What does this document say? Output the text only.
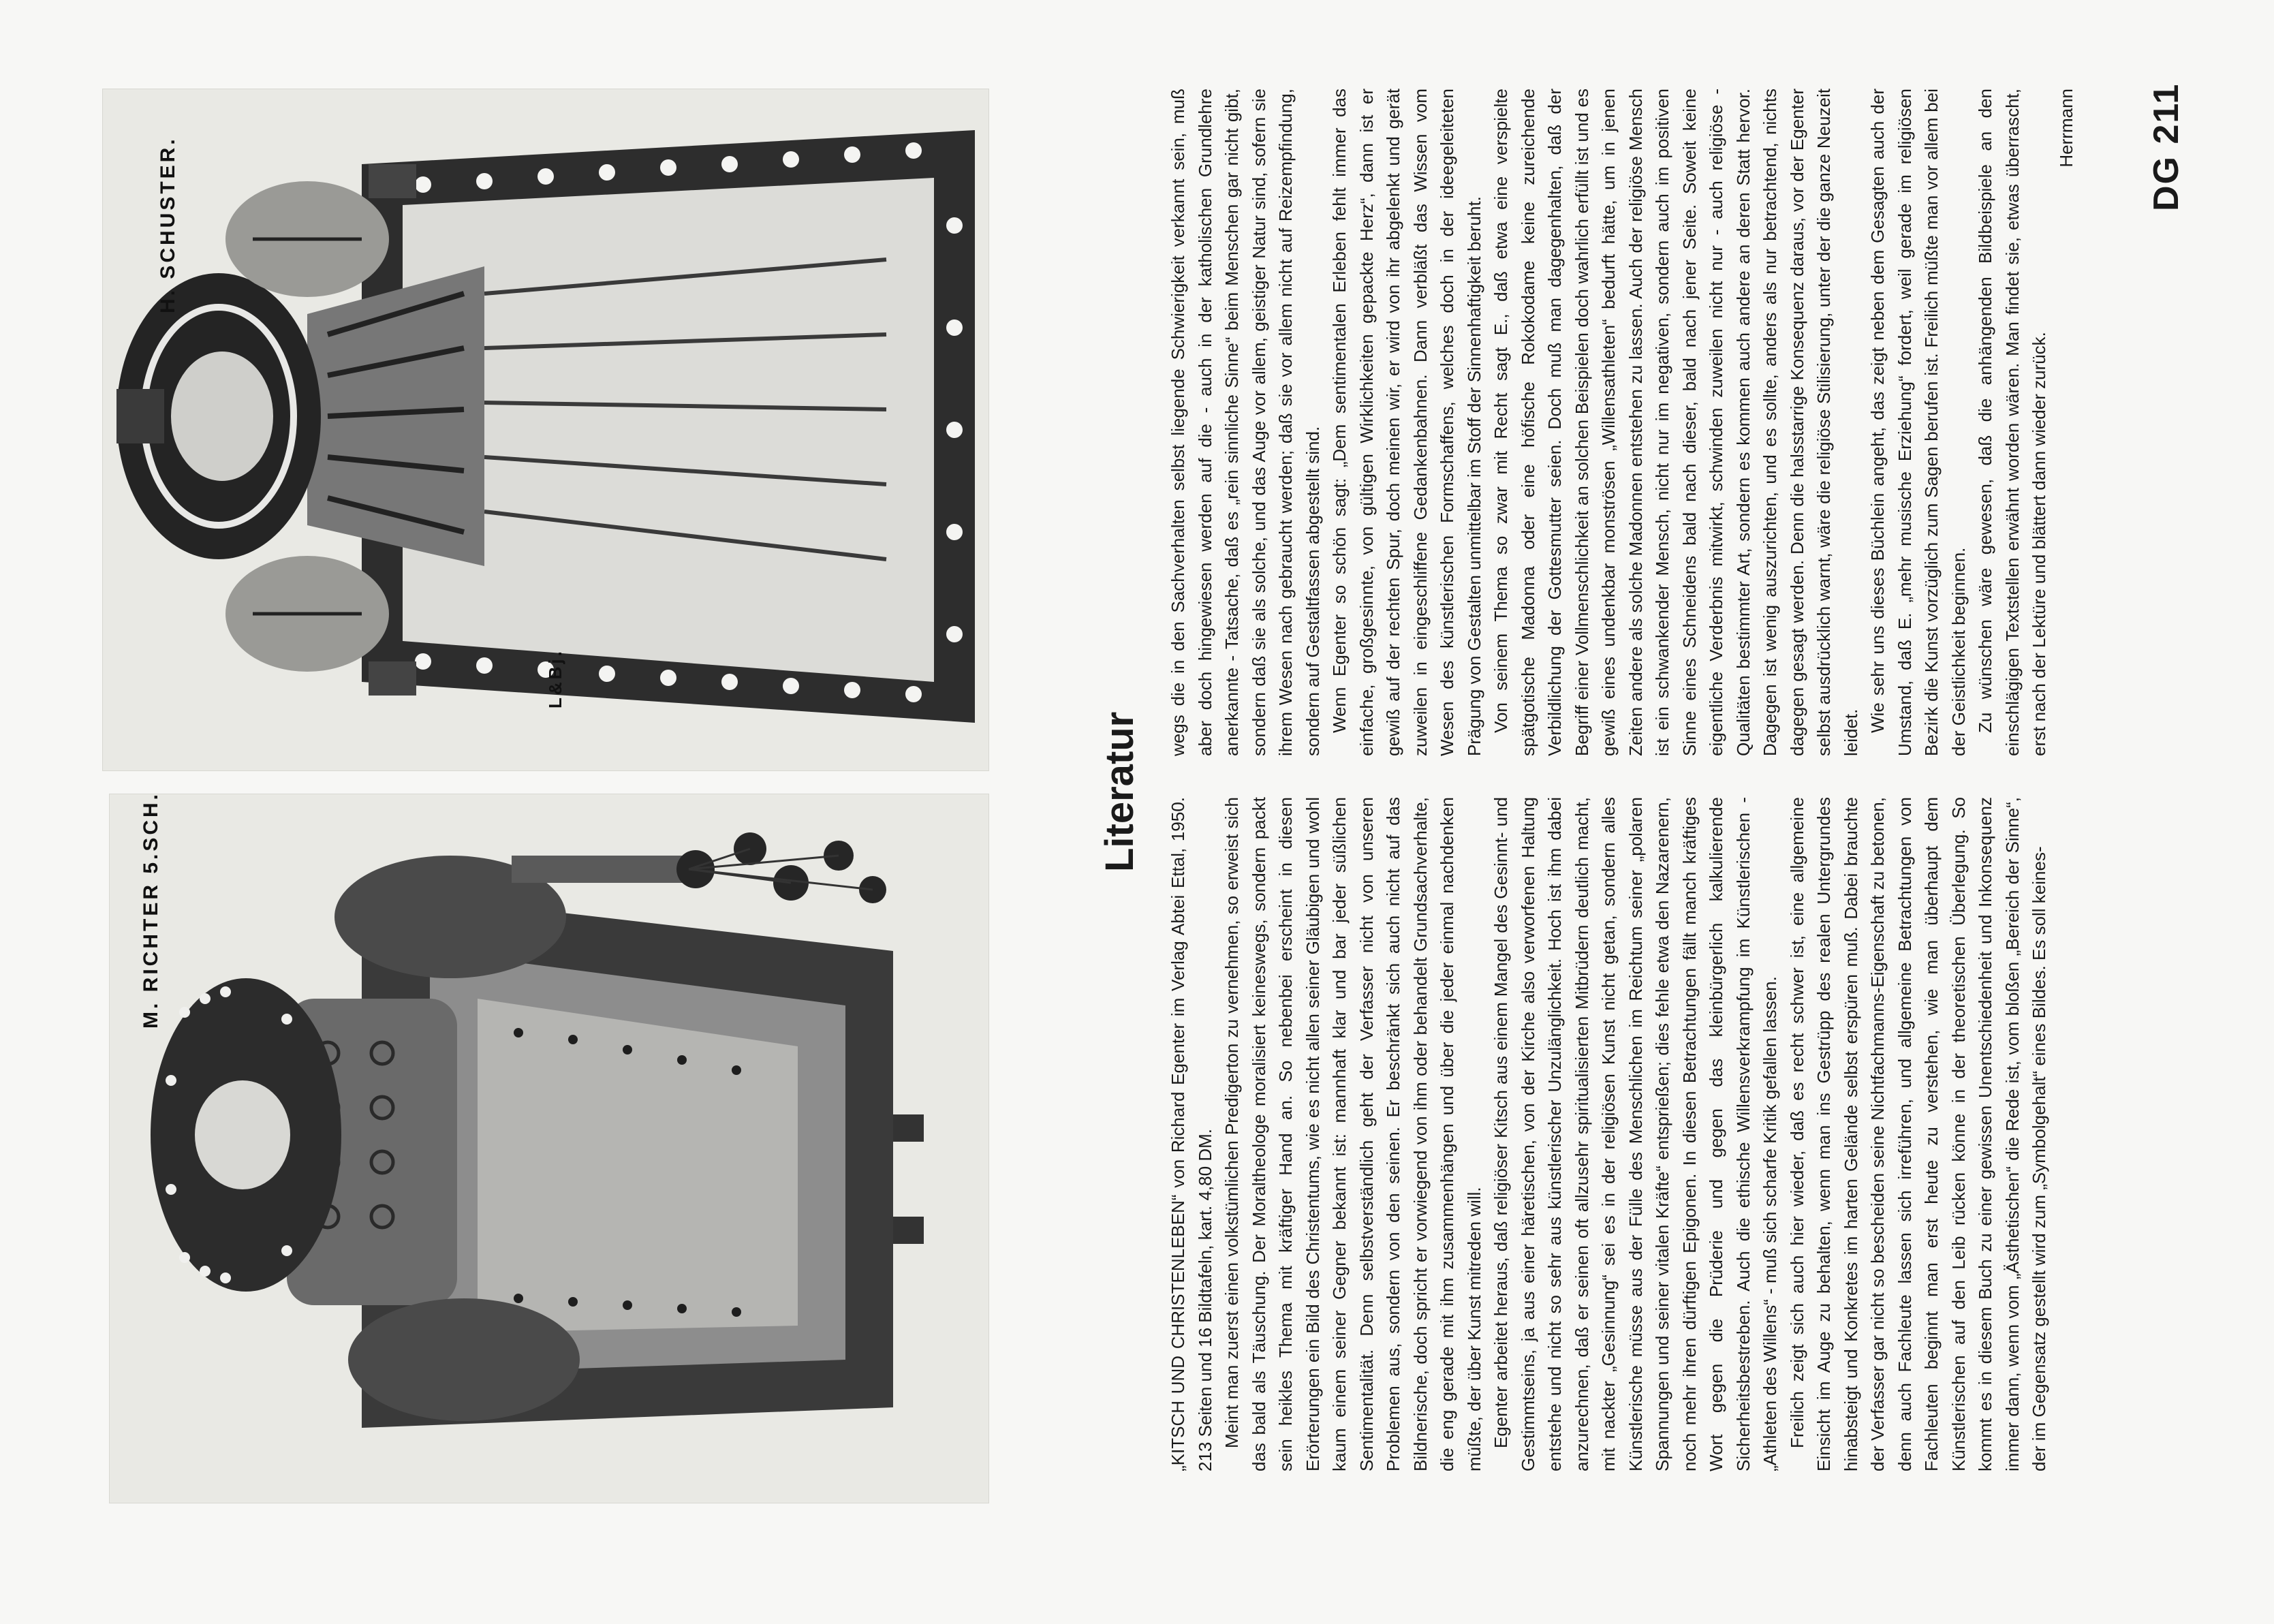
M. RICHTER 5.SCH.
H. SCHUSTER.
L&Bj.
Literatur

„KITSCH UND CHRISTENLEBEN“ von Richard Egenter im Verlag Abtei Ettal, 1950. 213 Seiten und 16 Bildtafeln, kart. 4,80 DM. Meint man zuerst einen volkstümlichen Predigerton zu vernehmen, so erweist sich das bald als Täuschung. Der Moraltheologe moralisiert keineswegs, sondern packt sein heikles Thema mit kräftiger Hand an. So nebenbei erscheint in diesen Erörterungen ein Bild des Christentums, wie es nicht allen seiner Gläubigen und wohl kaum einem seiner Gegner bekannt ist: mannhaft klar und bar jeder süßlichen Sentimentalität. Denn selbstverständlich geht der Verfasser nicht von unseren Problemen aus, sondern von den seinen. Er beschränkt sich auch nicht auf das Bildnerische, doch spricht er vorwiegend von ihm oder behandelt Grundsachverhalte, die eng gerade mit ihm zusammenhängen und über die jeder einmal nachdenken müßte, der über Kunst mitreden will. Egenter arbeitet heraus, daß religiöser Kitsch aus einem Mangel des Gesinnt- und Gestimmtseins, ja aus einer häretischen, von der Kirche also verworfenen Haltung entstehe und nicht so sehr aus künstlerischer Unzulänglichkeit. Hoch ist ihm dabei anzurechnen, daß er seinen oft allzusehr spiritualisierten Mitbrüdern deutlich macht, mit nackter „Gesinnung“ sei es in der religiösen Kunst nicht getan, sondern alles Künstlerische müsse aus der Fülle des Menschlichen im Reichtum seiner „polaren Spannungen und seiner vitalen Kräfte“ entsprießen; dies fehle etwa den Nazarenern, noch mehr ihren dürftigen Epigonen. In diesen Betrachtungen fällt manch kräftiges Wort gegen die Prüderie und gegen das kleinbürgerlich kalkulierende Sicherheitsbestreben. Auch die ethische Willensverkrampfung im Künstlerischen - „Athleten des Willens“ - muß sich scharfe Kritik gefallen lassen. Freilich zeigt sich auch hier wieder, daß es recht schwer ist, eine allgemeine Einsicht im Auge zu behalten, wenn man ins Gestrüpp des realen Untergrundes hinabsteigt und Konkretes im harten Gelände selbst erspüren muß. Dabei brauchte der Verfasser gar nicht so bescheiden seine Nichtfachmanns-Eigenschaft zu betonen, denn auch Fachleute lassen sich irreführen, und allgemeine Betrachtungen von Fachleuten beginnt man erst heute zu verstehen, wie man überhaupt dem Künstlerischen auf den Leib rücken könne in der theoretischen Überlegung. So kommt es in diesem Buch zu einer gewissen Unentschiedenheit und Inkonsequenz immer dann, wenn vom „Ästhetischen“ die Rede ist, vom bloßen „Bereich der Sinne“, der im Gegensatz gestellt wird zum „Symbolgehalt“ eines Bildes. Es soll keines-

wegs die in den Sachverhalten selbst liegende Schwierigkeit verkannt sein, muß aber doch hingewiesen werden auf die - auch in der katholischen Grundlehre anerkannte - Tatsache, daß es „rein sinnliche Sinne“ beim Menschen gar nicht gibt, sondern daß sie als solche, und das Auge vor allem, geistiger Natur sind, sofern sie ihrem Wesen nach gebraucht werden; daß sie vor allem nicht auf Reizempfindung, sondern auf Gestaltfassen abgestellt sind. Wenn Egenter so schön sagt: „Dem sentimentalen Erleben fehlt immer das einfache, großgesinnte, von gültigen Wirklichkeiten gepackte Herz“, dann ist er gewiß auf der rechten Spur, doch meinen wir, er wird von ihr abgelenkt und gerät zuweilen in eingeschliffene Gedankenbahnen. Dann verbläßt das Wissen vom Wesen des künstlerischen Formschaffens, welches doch in der ideegeleiteten Prägung von Gestalten unmittelbar im Stoff der Sinnenhaftigkeit beruht. Von seinem Thema so zwar mit Recht sagt E., daß etwa eine verspielte spätgotische Madonna oder eine höfische Rokokodame keine zureichende Verbildlichung der Gottesmutter seien. Doch muß man dagegenhalten, daß der Begriff einer Vollmenschlichkeit an solchen Beispielen doch wahrlich erfüllt ist und es gewiß eines undenkbar monströsen „Willensathleten“ bedurft hätte, um in jenen Zeiten andere als solche Madonnen entstehen zu lassen. Auch der religiöse Mensch ist ein schwankender Mensch, nicht nur im negativen, sondern auch im positiven Sinne eines Schneidens bald nach dieser, bald nach jener Seite. Soweit keine eigentliche Verderbnis mitwirkt, schwinden zuweilen nicht nur - auch religiöse - Qualitäten bestimmter Art, sondern es kommen auch andere an deren Statt hervor. Dagegen ist wenig auszurichten, und es sollte, anders als nur betrachtend, nichts dagegen gesagt werden. Denn die halsstarrige Konsequenz daraus, vor der Egenter selbst ausdrücklich warnt, wäre die religiöse Stilisierung, unter der die ganze Neuzeit leidet. Wie sehr uns dieses Büchlein angeht, das zeigt neben dem Gesagten auch der Umstand, daß E. „mehr musische Erziehung“ fordert, weil gerade im religiösen Bezirk die Kunst vorzüglich zum Sagen berufen ist. Freilich müßte man vor allem bei der Geistlichkeit beginnen. Zu wünschen wäre gewesen, daß die anhängenden Bildbeispiele an den einschlägigen Textstellen erwähnt worden wären. Man findet sie, etwas überrascht, erst nach der Lektüre und blättert dann wieder zurück.

Herrmann DG 211
